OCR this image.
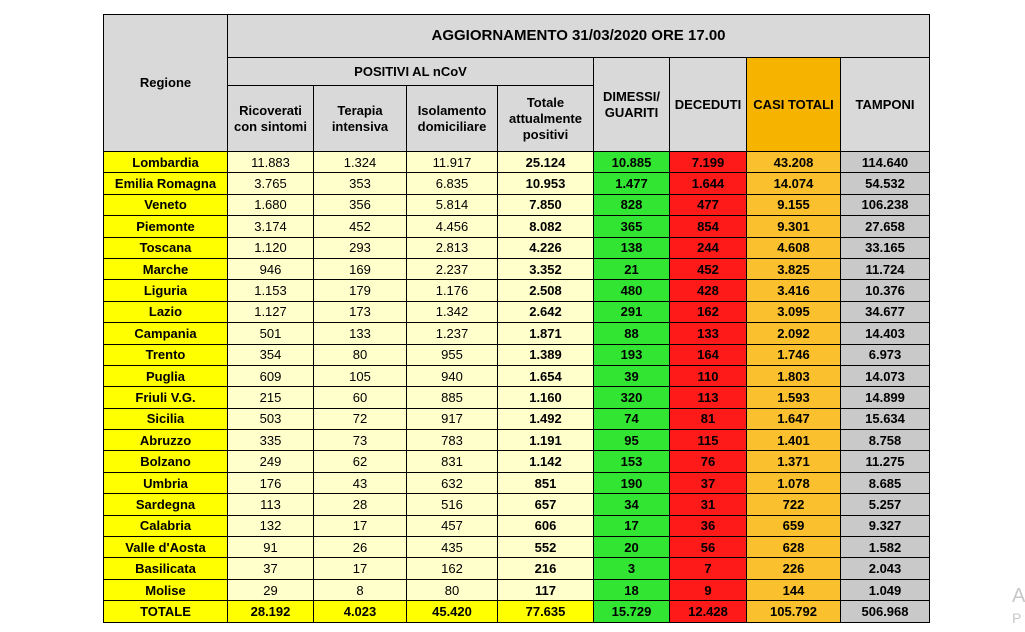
Regione	AGGIORNAMENTO 31/03/2020 ORE 17.00							
	POSITIVI AL nCoV				DIMESSI/ GUARITI	DECEDUTI	CASI TOTALI	TAMPONI
	Ricoverati con sintomi	Terapia intensiva	Isolamento domiciliare	Totale attualmente positivi				
Lombardia	11.883	1.324	11.917	25.124	10.885	7.199	43.208	114.640
Emilia Romagna	3.765	353	6.835	10.953	1.477	1.644	14.074	54.532
Veneto	1.680	356	5.814	7.850	828	477	9.155	106.238
Piemonte	3.174	452	4.456	8.082	365	854	9.301	27.658
Toscana	1.120	293	2.813	4.226	138	244	4.608	33.165
Marche	946	169	2.237	3.352	21	452	3.825	11.724
Liguria	1.153	179	1.176	2.508	480	428	3.416	10.376
Lazio	1.127	173	1.342	2.642	291	162	3.095	34.677
Campania	501	133	1.237	1.871	88	133	2.092	14.403
Trento	354	80	955	1.389	193	164	1.746	6.973
Puglia	609	105	940	1.654	39	110	1.803	14.073
Friuli V.G.	215	60	885	1.160	320	113	1.593	14.899
Sicilia	503	72	917	1.492	74	81	1.647	15.634
Abruzzo	335	73	783	1.191	95	115	1.401	8.758
Bolzano	249	62	831	1.142	153	76	1.371	11.275
Umbria	176	43	632	851	190	37	1.078	8.685
Sardegna	113	28	516	657	34	31	722	5.257
Calabria	132	17	457	606	17	36	659	9.327
Valle d'Aosta	91	26	435	552	20	56	628	1.582
Basilicata	37	17	162	216	3	7	226	2.043
Molise	29	8	80	117	18	9	144	1.049
TOTALE	28.192	4.023	45.420	77.635	15.729	12.428	105.792	506.968
A
P
